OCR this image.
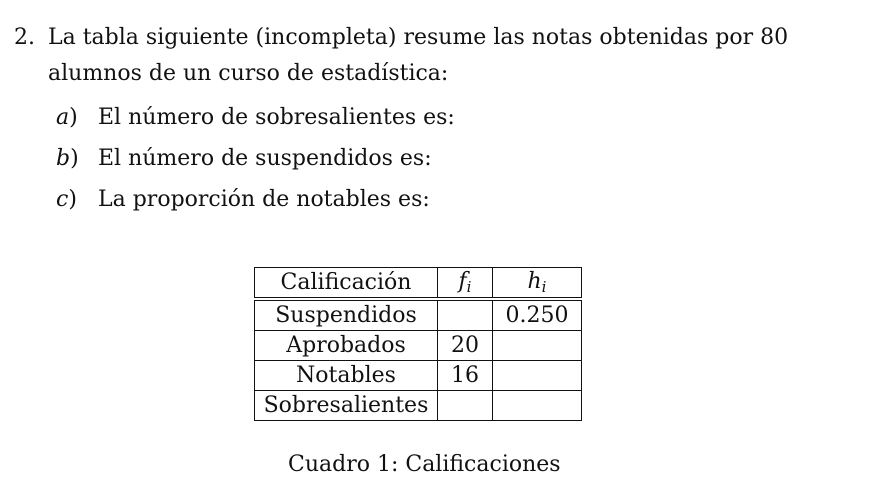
2. La tabla siguiente (incompleta) resume las notas obtenidas por 80 alumnos de un curso de estadística:
a) El número de sobresalientes es:
b) El número de suspendidos es:
c) La proporción de notables es:
Calificación	$f_i$	$h_i$
Suspendidos		0.250
Aprobados	20	
Notables	16	
Sobresalientes		
Cuadro 1: Calificaciones
